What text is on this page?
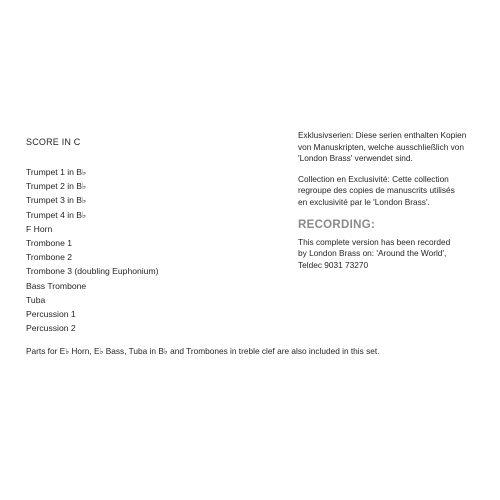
SCORE IN C
Trumpet 1 in B♭
Trumpet 2 in B♭
Trumpet 3 in B♭
Trumpet 4 in B♭
F Horn
Trombone 1
Trombone 2
Trombone 3 (doubling Euphonium)
Bass Trombone
Tuba
Percussion 1
Percussion 2
Exklusivserien: Diese serien enthalten Kopien
von Manuskripten, welche ausschließlich von
'London Brass' verwendet sind.
Collection en Exclusivité: Cette collection
regroupe des copies de manuscrits utilisés
en exclusivité par le 'London Brass'.
RECORDING:
This complete version has been recorded
by London Brass on: 'Around the World',
Teldec 9031 73270
Parts for E♭ Horn, E♭ Bass, Tuba in B♭ and Trombones in treble clef are also included in this set.
